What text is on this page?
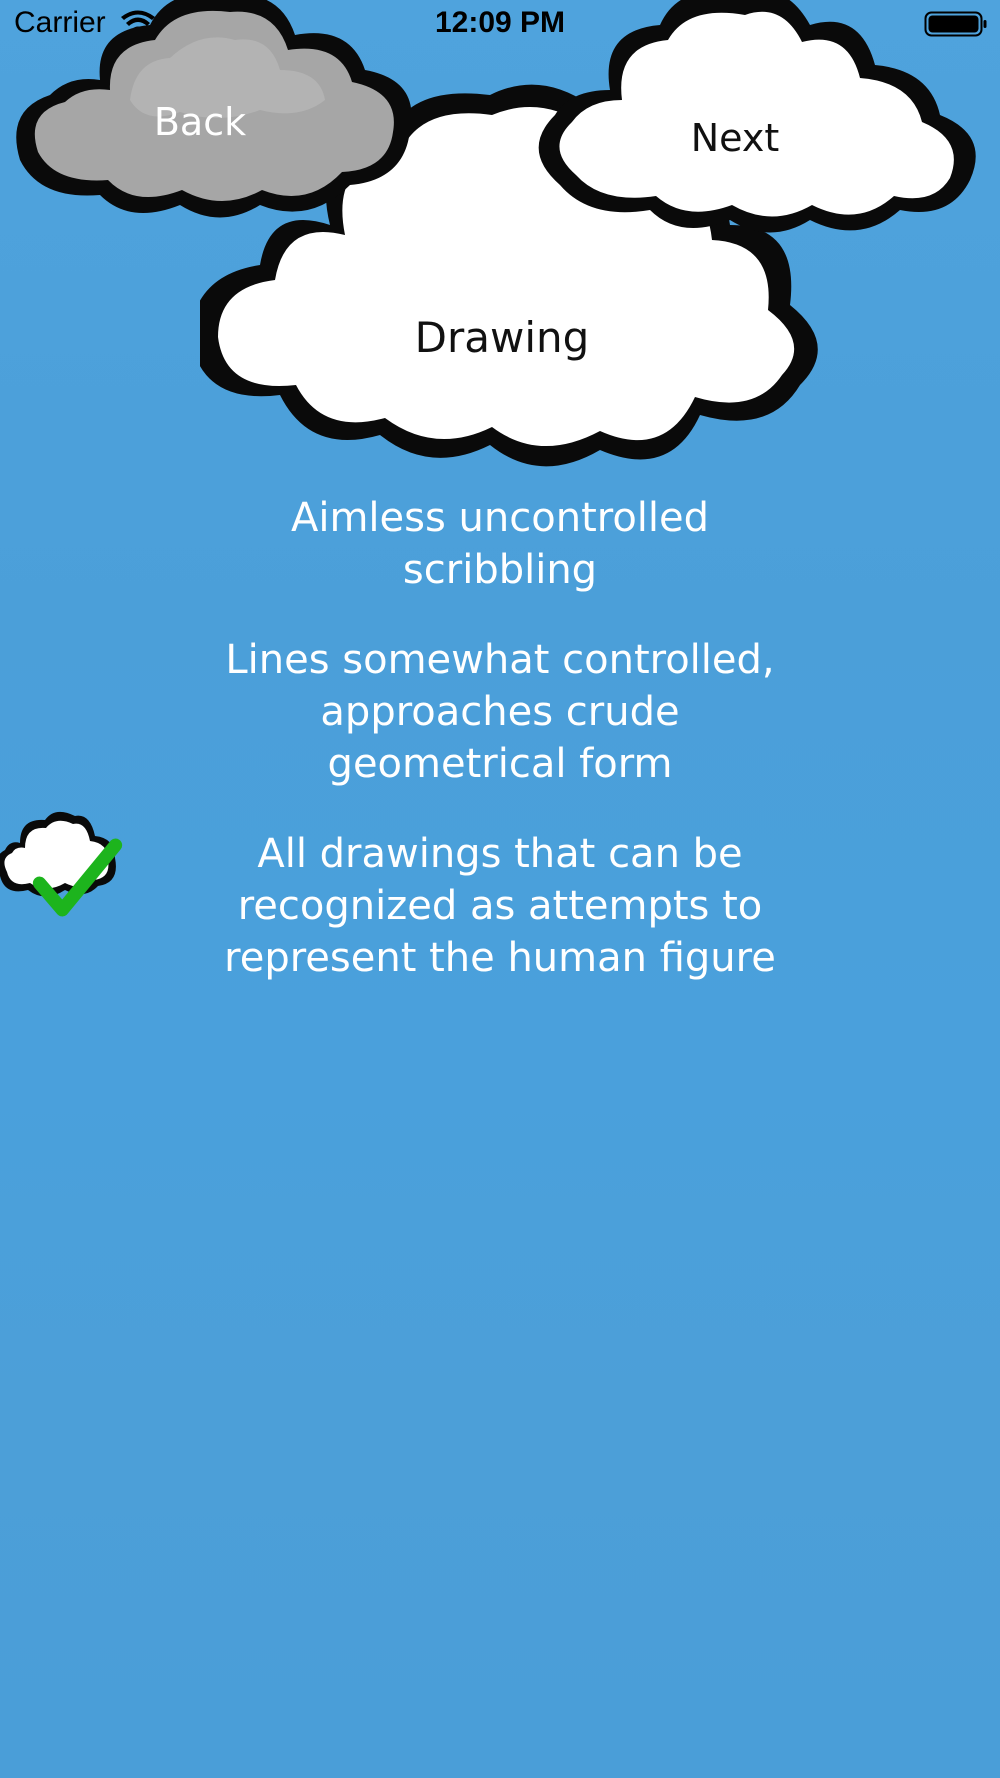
Carrier	12:09 PM
Drawing
Back	Next
Aimless uncontrolled scribbling
Lines somewhat controlled, approaches crude geometrical form
All drawings that can be recognized as attempts to represent the human figure
